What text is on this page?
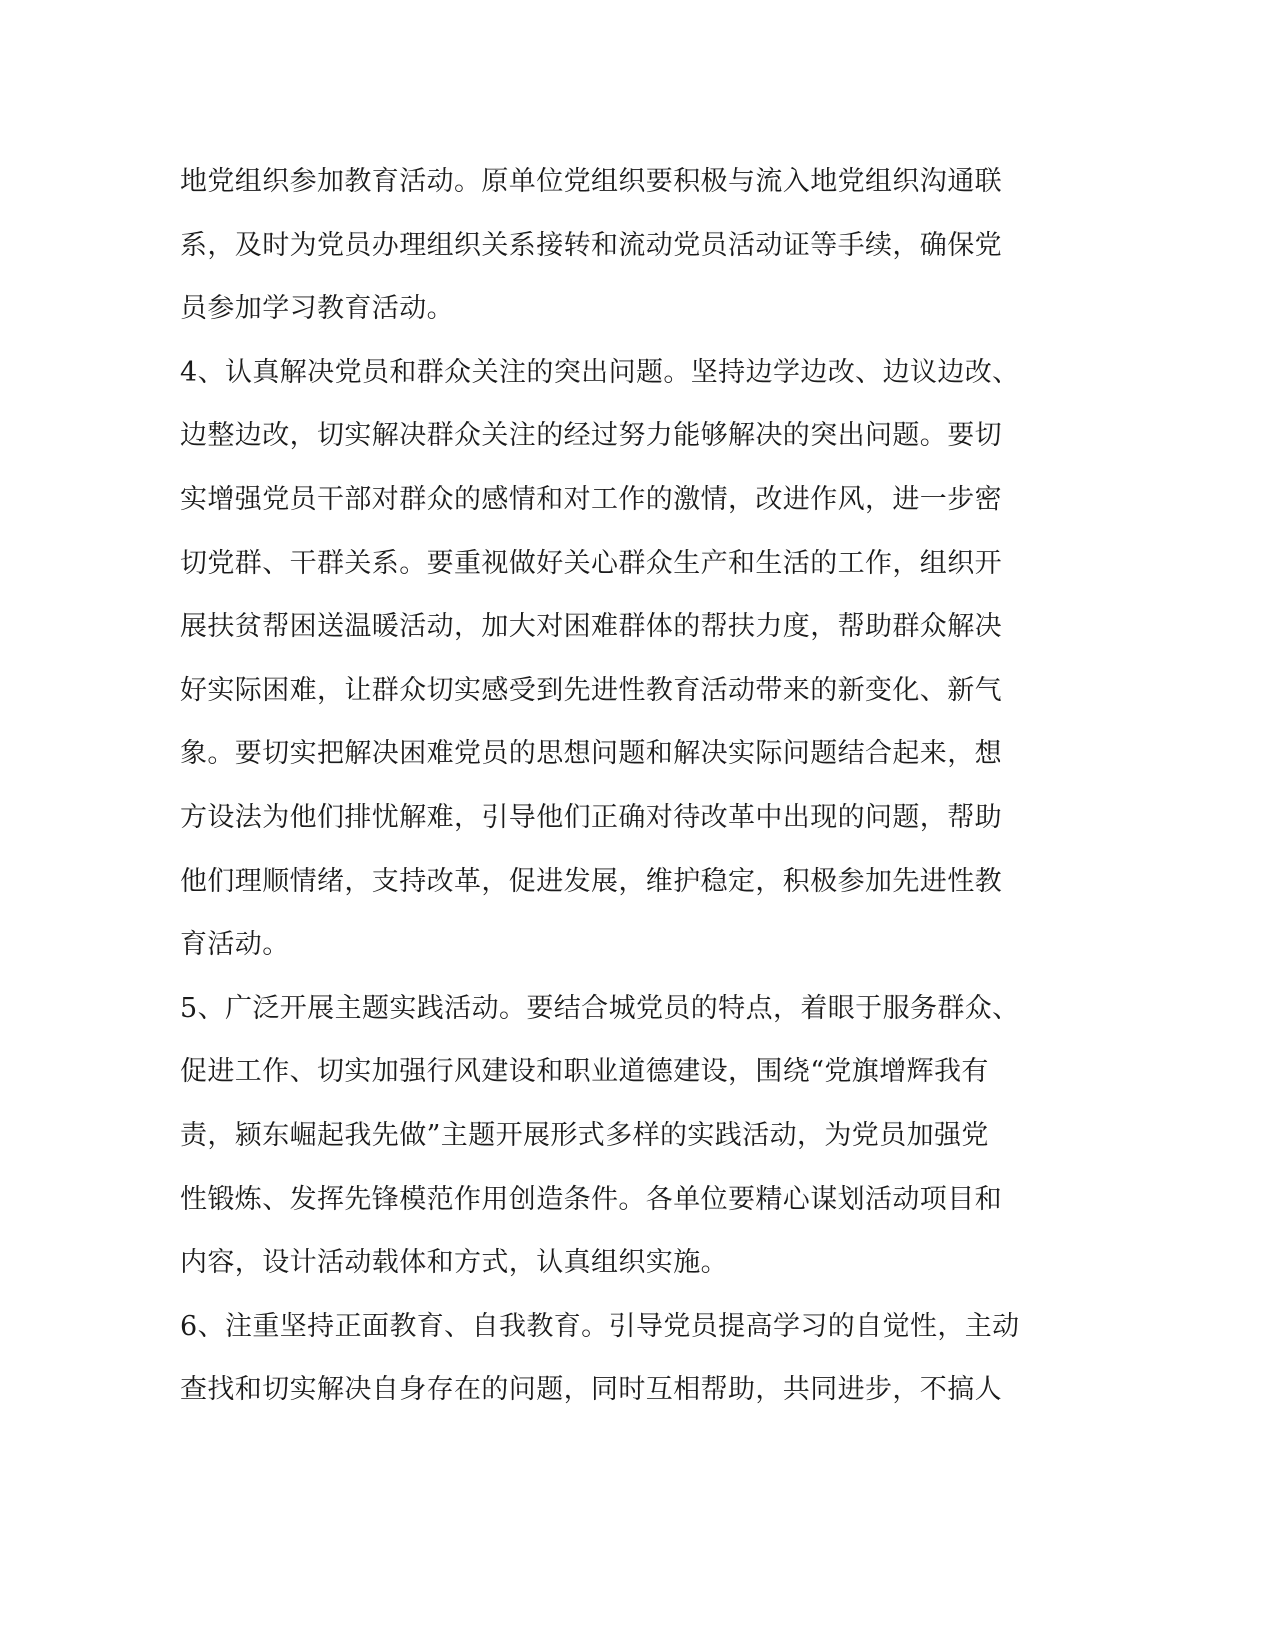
地党组织参加教育活动。原单位党组织要积极与流入地党组织沟通联
系，及时为党员办理组织关系接转和流动党员活动证等手续，确保党
员参加学习教育活动。
4、认真解决党员和群众关注的突出问题。坚持边学边改、边议边改、
边整边改，切实解决群众关注的经过努力能够解决的突出问题。要切
实增强党员干部对群众的感情和对工作的激情，改进作风，进一步密
切党群、干群关系。要重视做好关心群众生产和生活的工作，组织开
展扶贫帮困送温暖活动，加大对困难群体的帮扶力度，帮助群众解决
好实际困难，让群众切实感受到先进性教育活动带来的新变化、新气
象。要切实把解决困难党员的思想问题和解决实际问题结合起来，想
方设法为他们排忧解难，引导他们正确对待改革中出现的问题，帮助
他们理顺情绪，支持改革，促进发展，维护稳定，积极参加先进性教
育活动。
5、广泛开展主题实践活动。要结合城党员的特点，着眼于服务群众、
促进工作、切实加强行风建设和职业道德建设，围绕“党旗增辉我有
责，颍东崛起我先做”主题开展形式多样的实践活动，为党员加强党
性锻炼、发挥先锋模范作用创造条件。各单位要精心谋划活动项目和
内容，设计活动载体和方式，认真组织实施。
6、注重坚持正面教育、自我教育。引导党员提高学习的自觉性，主动
查找和切实解决自身存在的问题，同时互相帮助，共同进步，不搞人
